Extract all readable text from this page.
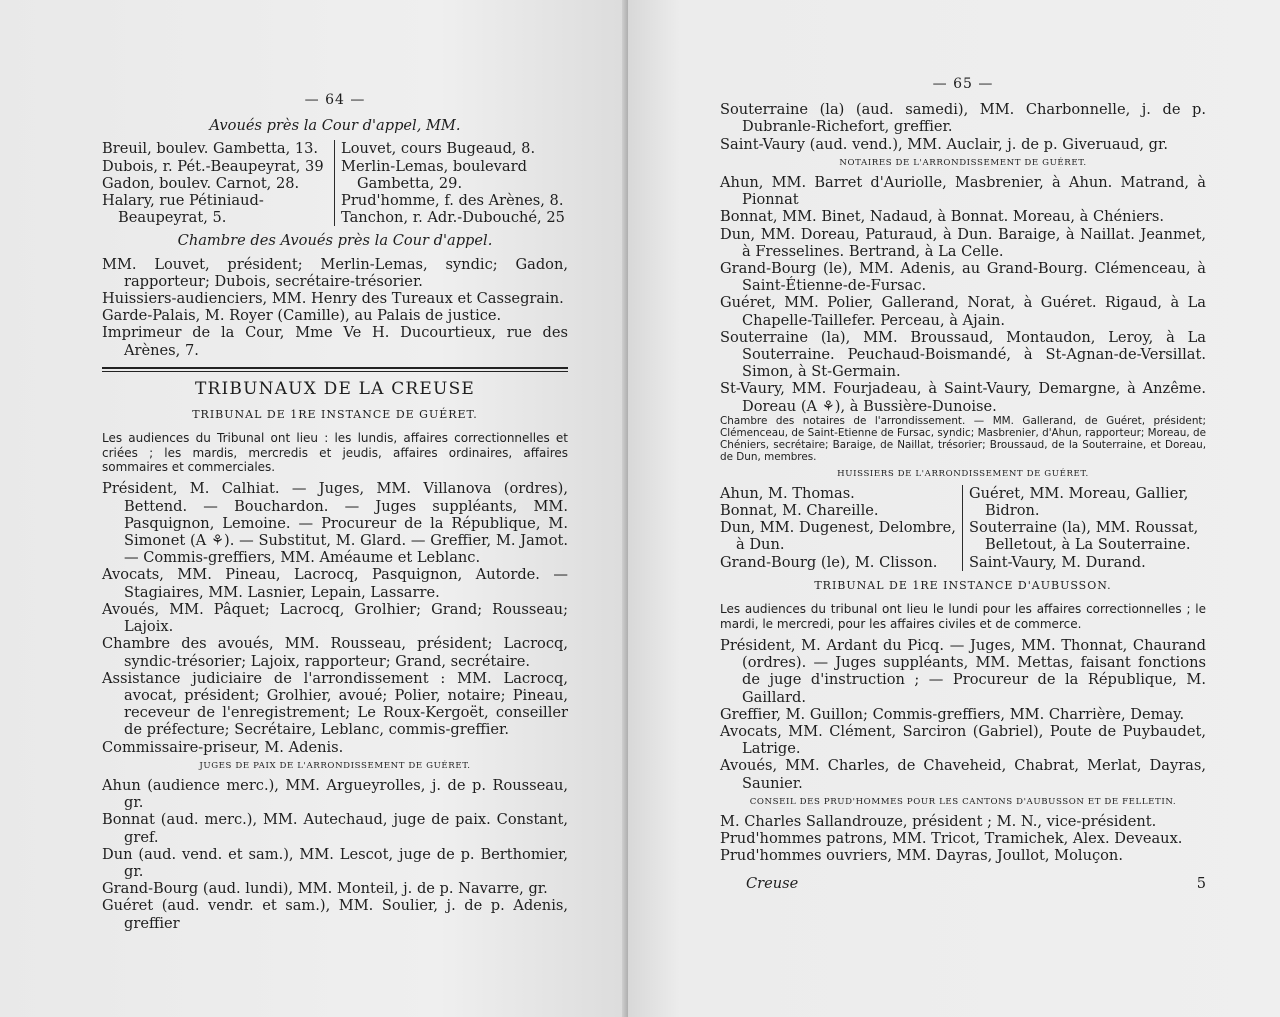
— 64 —
Avoués près la Cour d'appel, MM.

Breuil, boulev. Gambetta, 13.

Dubois, r. Pét.-Beaupeyrat, 39

Gadon, boulev. Carnot, 28.

Halary, rue Pétiniaud-Beaupeyrat, 5.

Louvet, cours Bugeaud, 8.

Merlin-Lemas, boulevard Gambetta, 29.

Prud'homme, f. des Arènes, 8.

Tanchon, r. Adr.-Dubouché, 25

Chambre des Avoués près la Cour d'appel.

MM. Louvet, président; Merlin-Lemas, syndic; Gadon, rapporteur; Dubois, secrétaire-trésorier.

Huissiers-audienciers, MM. Henry des Tureaux et Cassegrain.

Garde-Palais, M. Royer (Camille), au Palais de justice.

Imprimeur de la Cour, Mme Ve H. Ducourtieux, rue des Arènes, 7.

TRIBUNAUX DE LA CREUSE
TRIBUNAL DE 1RE INSTANCE DE GUÉRET.

Les audiences du Tribunal ont lieu : les lundis, affaires correctionnelles et criées ; les mardis, mercredis et jeudis, affaires ordinaires, affaires sommaires et commerciales.

Président, M. Calhiat. — Juges, MM. Villanova (ordres), Bettend. — Bouchardon. — Juges suppléants, MM. Pasquignon, Lemoine. — Procureur de la République, M. Simonet (A ⚘). — Substitut, M. Glard. — Greffier, M. Jamot. — Commis-greffiers, MM. Améaume et Leblanc.

Avocats, MM. Pineau, Lacrocq, Pasquignon, Autorde. — Stagiaires, MM. Lasnier, Lepain, Lassarre.

Avoués, MM. Pâquet; Lacrocq, Grolhier; Grand; Rousseau; Lajoix.

Chambre des avoués, MM. Rousseau, président; Lacrocq, syndic-trésorier; Lajoix, rapporteur; Grand, secrétaire.

Assistance judiciaire de l'arrondissement : MM. Lacrocq, avocat, président; Grolhier, avoué; Polier, notaire; Pineau, receveur de l'enregistrement; Le Roux-Kergoët, conseiller de préfecture; Secrétaire, Leblanc, commis-greffier.

Commissaire-priseur, M. Adenis.

JUGES DE PAIX DE L'ARRONDISSEMENT DE GUÉRET.

Ahun (audience merc.), MM. Argueyrolles, j. de p. Rousseau, gr.

Bonnat (aud. merc.), MM. Autechaud, juge de paix. Constant, gref.

Dun (aud. vend. et sam.), MM. Lescot, juge de p. Berthomier, gr.

Grand-Bourg (aud. lundi), MM. Monteil, j. de p. Navarre, gr.

Guéret (aud. vendr. et sam.), MM. Soulier, j. de p. Adenis, greffier

— 65 —

Souterraine (la) (aud. samedi), MM. Charbonnelle, j. de p. Dubranle-Richefort, greffier.

Saint-Vaury (aud. vend.), MM. Auclair, j. de p. Giveruaud, gr.

NOTAIRES DE L'ARRONDISSEMENT DE GUÉRET.

Ahun, MM. Barret d'Auriolle, Masbrenier, à Ahun. Matrand, à Pionnat

Bonnat, MM. Binet, Nadaud, à Bonnat. Moreau, à Chéniers.

Dun, MM. Doreau, Paturaud, à Dun. Baraige, à Naillat. Jeanmet, à Fresselines. Bertrand, à La Celle.

Grand-Bourg (le), MM. Adenis, au Grand-Bourg. Clémenceau, à Saint-Étienne-de-Fursac.

Guéret, MM. Polier, Gallerand, Norat, à Guéret. Rigaud, à La Chapelle-Taillefer. Perceau, à Ajain.

Souterraine (la), MM. Broussaud, Montaudon, Leroy, à La Souterraine. Peuchaud-Boismandé, à St-Agnan-de-Versillat. Simon, à St-Germain.

St-Vaury, MM. Fourjadeau, à Saint-Vaury, Demargne, à Anzême. Doreau (A ⚘), à Bussière-Dunoise.

Chambre des notaires de l'arrondissement. — MM. Gallerand, de Guéret, président; Clémenceau, de Saint-Etienne de Fursac, syndic; Masbrenier, d'Ahun, rapporteur; Moreau, de Chéniers, secrétaire; Baraige, de Naillat, trésorier; Broussaud, de la Souterraine, et Doreau, de Dun, membres.

HUISSIERS DE L'ARRONDISSEMENT DE GUÉRET.

Ahun, M. Thomas.

Bonnat, M. Chareille.

Dun, MM. Dugenest, Delombre, à Dun.

Grand-Bourg (le), M. Clisson.

Guéret, MM. Moreau, Gallier, Bidron.

Souterraine (la), MM. Roussat, Belletout, à La Souterraine.

Saint-Vaury, M. Durand.

TRIBUNAL DE 1RE INSTANCE D'AUBUSSON.

Les audiences du tribunal ont lieu le lundi pour les affaires correctionnelles ; le mardi, le mercredi, pour les affaires civiles et de commerce.

Président, M. Ardant du Picq. — Juges, MM. Thonnat, Chaurand (ordres). — Juges suppléants, MM. Mettas, faisant fonctions de juge d'instruction ; — Procureur de la République, M. Gaillard.

Greffier, M. Guillon; Commis-greffiers, MM. Charrière, Demay.

Avocats, MM. Clément, Sarciron (Gabriel), Poute de Puybaudet, Latrige.

Avoués, MM. Charles, de Chaveheid, Chabrat, Merlat, Dayras, Saunier.

CONSEIL DES PRUD'HOMMES POUR LES CANTONS D'AUBUSSON ET DE FELLETIN.

M. Charles Sallandrouze, président ; M. N., vice-président.

Prud'hommes patrons, MM. Tricot, Tramichek, Alex. Deveaux.

Prud'hommes ouvriers, MM. Dayras, Joullot, Moluçon.

Creuse	5
